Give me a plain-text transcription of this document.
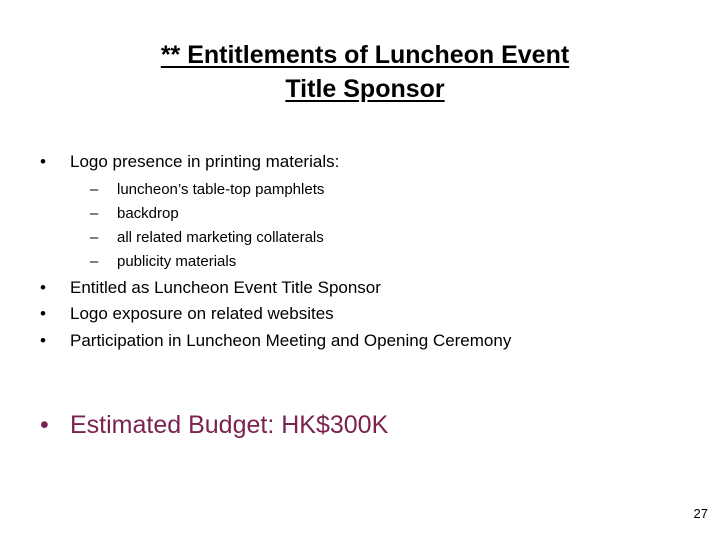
** Entitlements of Luncheon Event
Title Sponsor
• Logo presence in printing materials:
– luncheon’s table-top pamphlets
– backdrop
– all related marketing collaterals
– publicity materials
• Entitled as Luncheon Event Title Sponsor
• Logo exposure on related websites
• Participation in Luncheon Meeting and Opening Ceremony
• Estimated Budget: HK$300K
27
